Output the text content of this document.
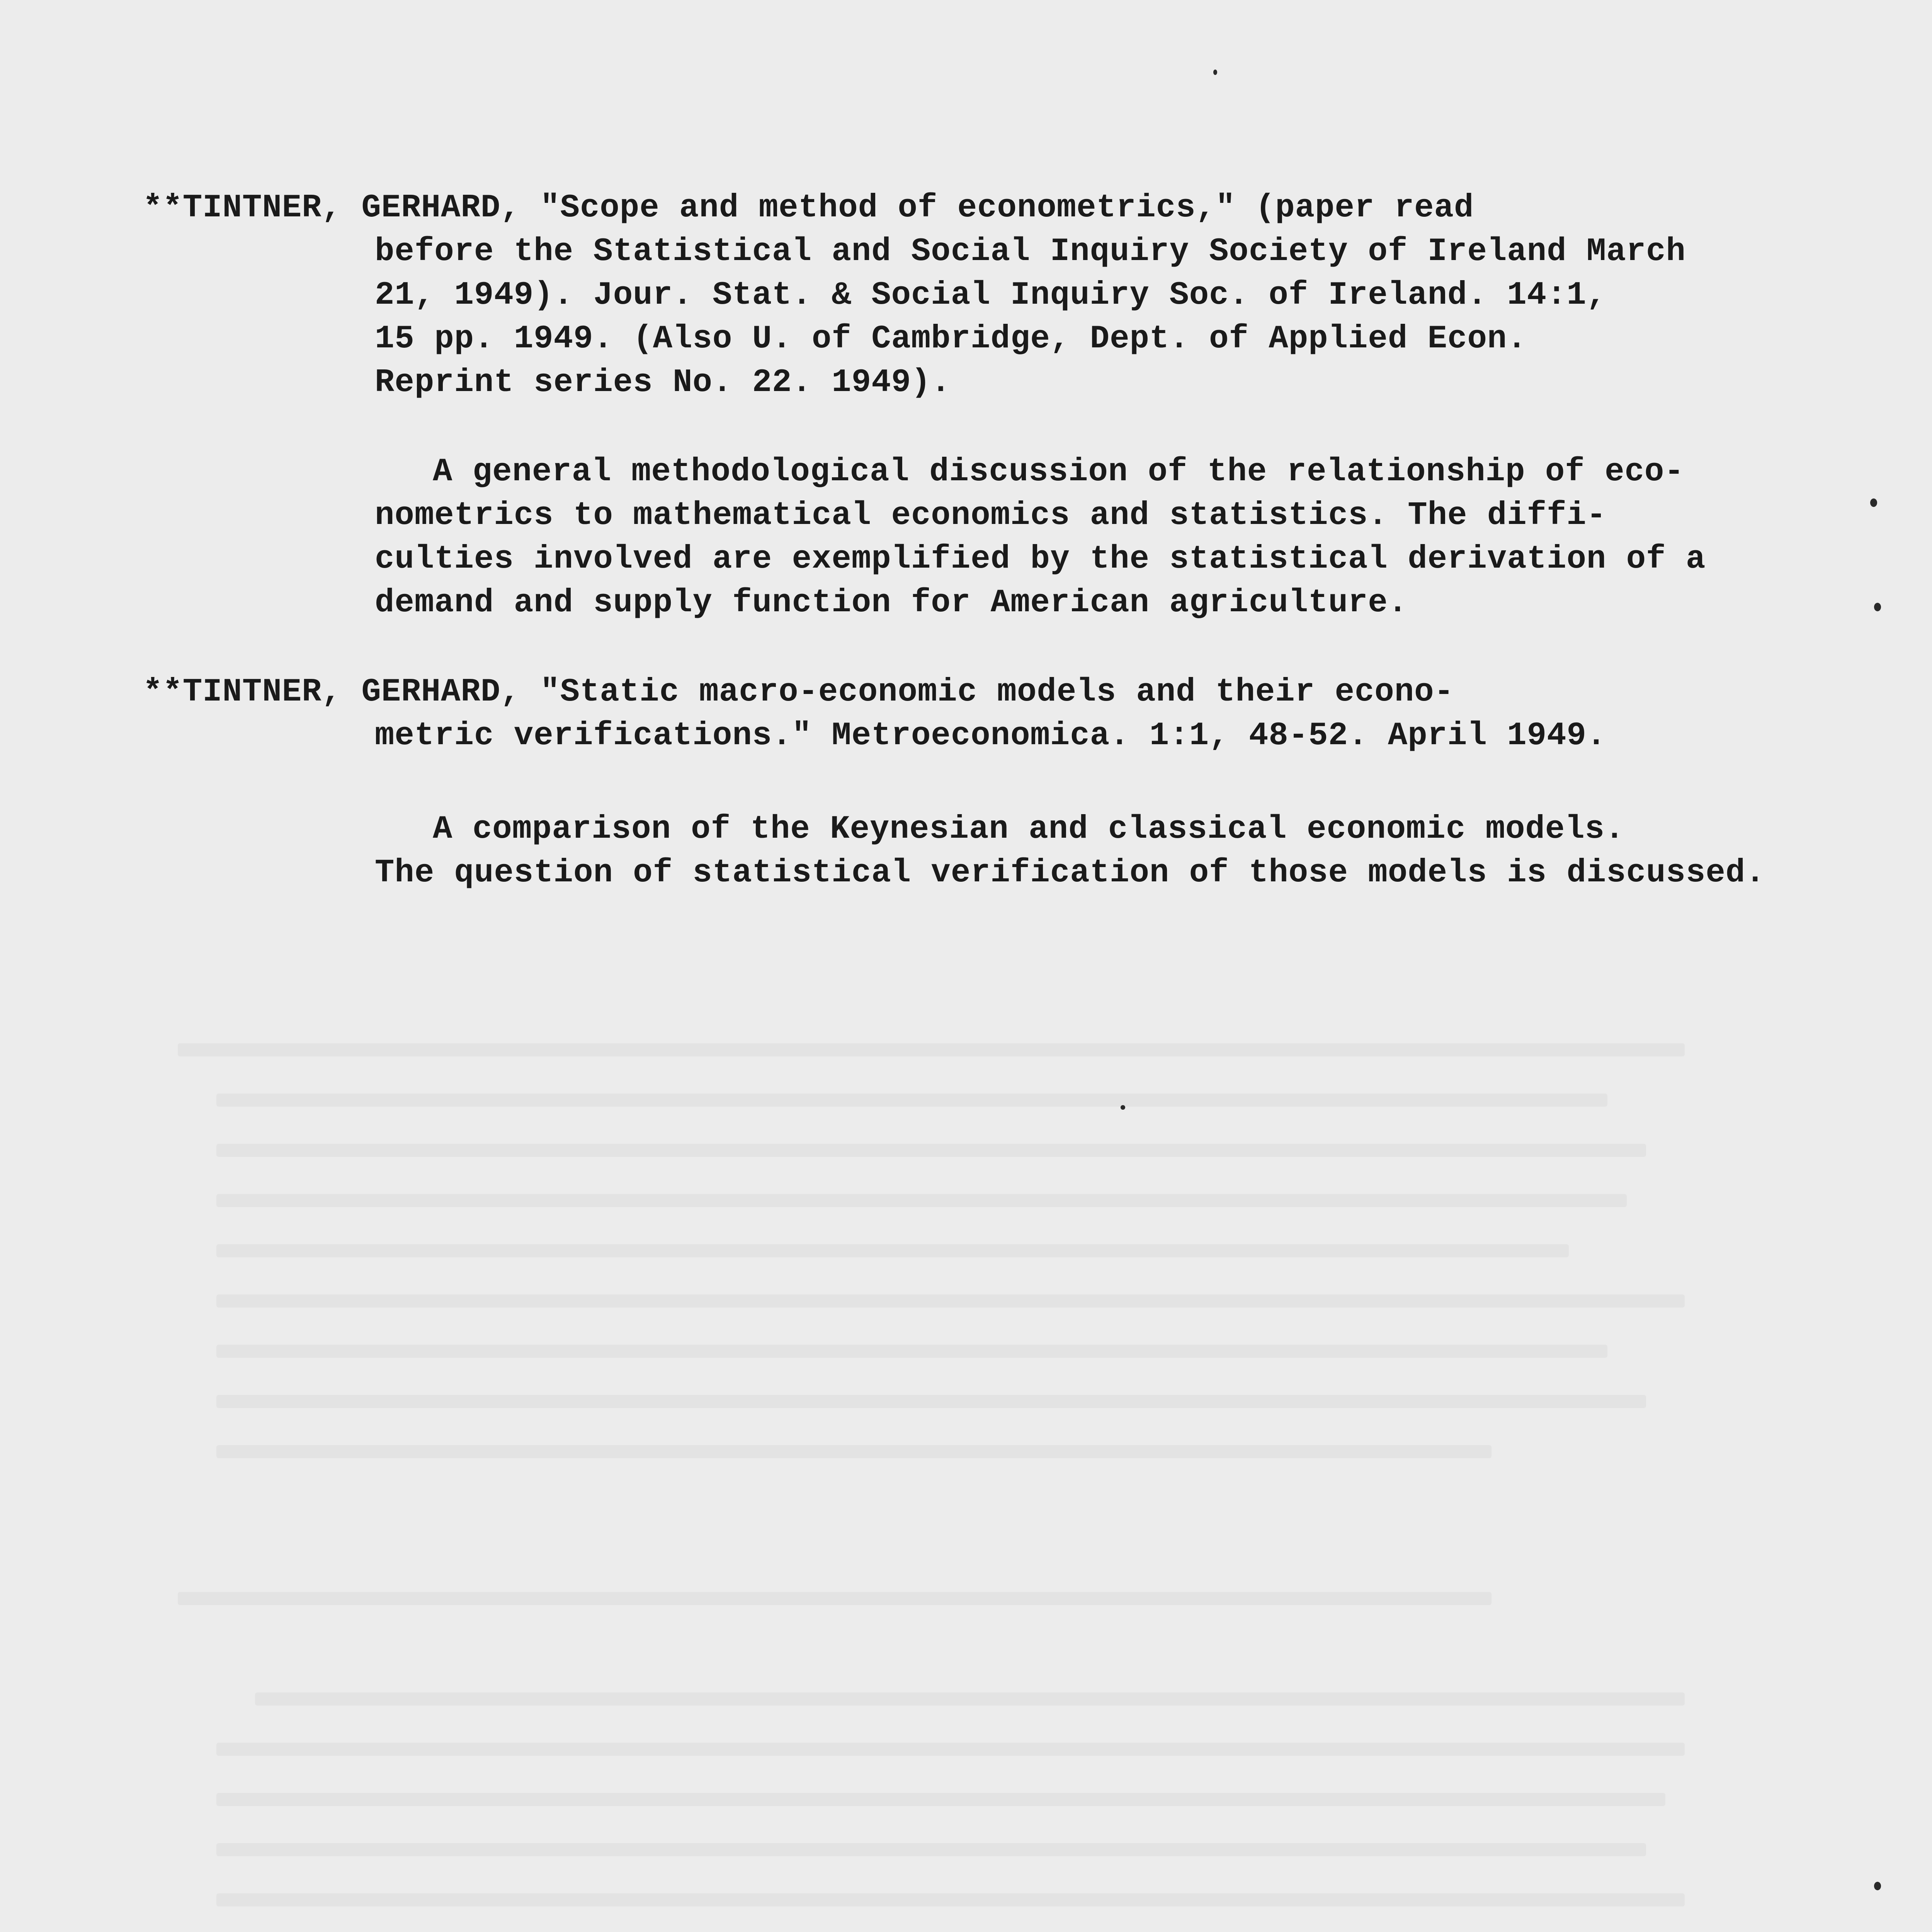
**TINTNER, GERHARD, "Scope and method of econometrics," (paper read
before the Statistical and Social Inquiry Society of Ireland March
21, 1949). Jour. Stat. & Social Inquiry Soc. of Ireland. 14:1,
15 pp. 1949. (Also U. of Cambridge, Dept. of Applied Econ.
Reprint series No. 22. 1949).
A general methodological discussion of the relationship of eco-
nometrics to mathematical economics and statistics. The diffi-
culties involved are exemplified by the statistical derivation of a
demand and supply function for American agriculture.
**TINTNER, GERHARD, "Static macro-economic models and their econo-
metric verifications." Metroeconomica. 1:1, 48-52. April 1949.
A comparison of the Keynesian and classical economic models.
The question of statistical verification of those models is discussed.
